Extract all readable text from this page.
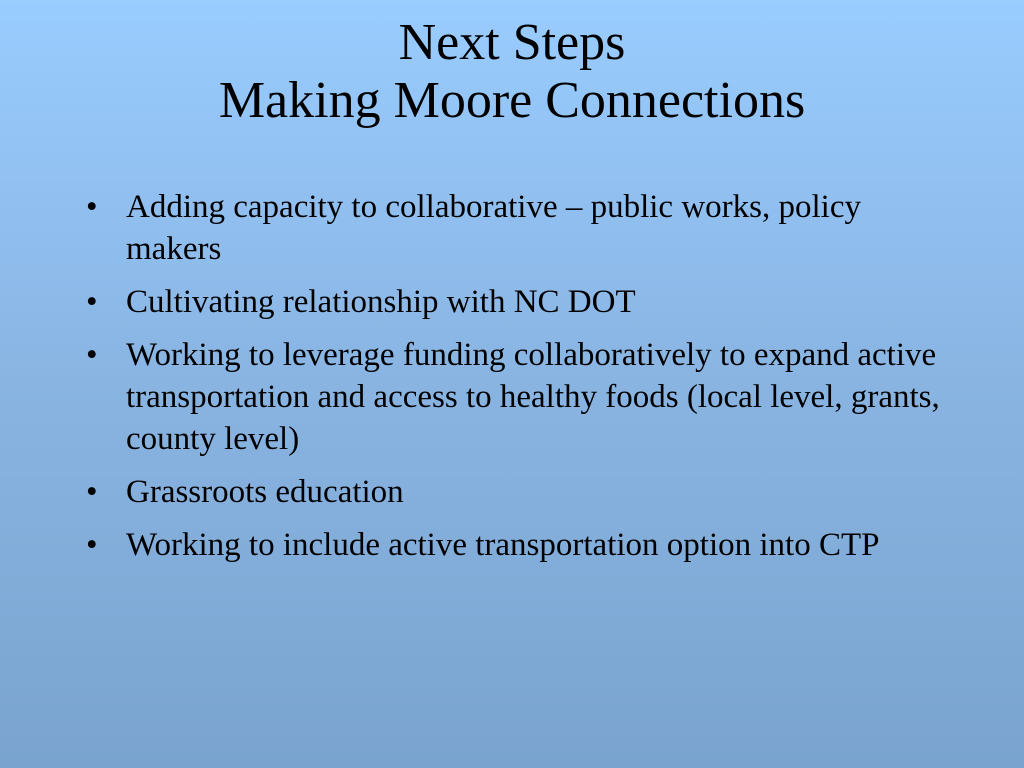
Next Steps
Making Moore Connections
• Adding capacity to collaborative – public works, policy makers
• Cultivating relationship with NC DOT
• Working to leverage funding collaboratively to expand active transportation and access to healthy foods (local level, grants, county level)
• Grassroots education
• Working to include active transportation option into CTP
